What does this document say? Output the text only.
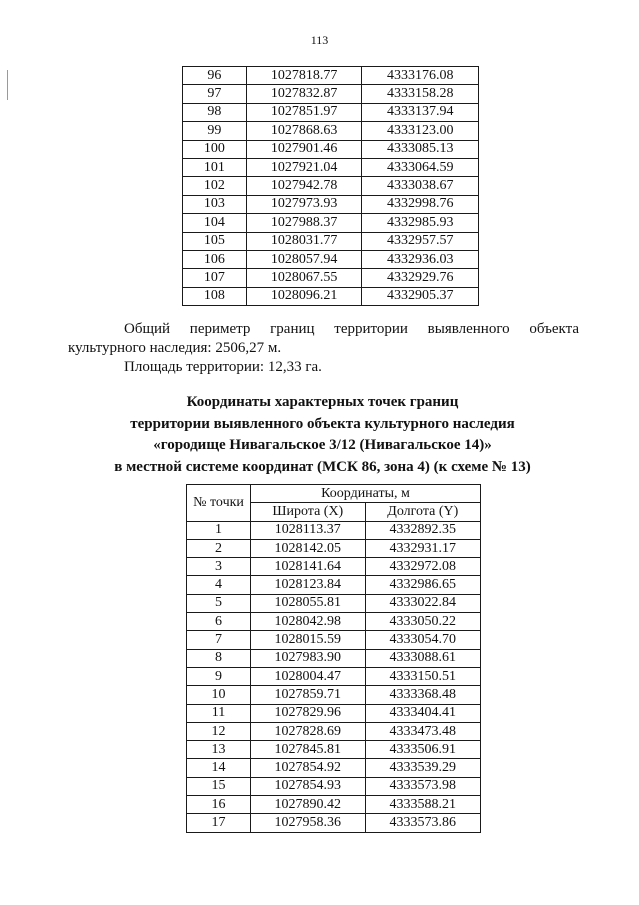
113
96	1027818.77	4333176.08
97	1027832.87	4333158.28
98	1027851.97	4333137.94
99	1027868.63	4333123.00
100	1027901.46	4333085.13
101	1027921.04	4333064.59
102	1027942.78	4333038.67
103	1027973.93	4332998.76
104	1027988.37	4332985.93
105	1028031.77	4332957.57
106	1028057.94	4332936.03
107	1028067.55	4332929.76
108	1028096.21	4332905.37
Общий периметр границ территории выявленного объекта
культурного наследия: 2506,27 м.
Площадь территории: 12,33 га.
Координаты характерных точек границ
территории выявленного объекта культурного наследия
«городище Нивагальское 3/12 (Нивагальское 14)»
в местной системе координат (МСК 86, зона 4) (к схеме № 13)
№ точки	Координаты, м	
	Широта (X)	Долгота (Y)
1	1028113.37	4332892.35
2	1028142.05	4332931.17
3	1028141.64	4332972.08
4	1028123.84	4332986.65
5	1028055.81	4333022.84
6	1028042.98	4333050.22
7	1028015.59	4333054.70
8	1027983.90	4333088.61
9	1028004.47	4333150.51
10	1027859.71	4333368.48
11	1027829.96	4333404.41
12	1027828.69	4333473.48
13	1027845.81	4333506.91
14	1027854.92	4333539.29
15	1027854.93	4333573.98
16	1027890.42	4333588.21
17	1027958.36	4333573.86
